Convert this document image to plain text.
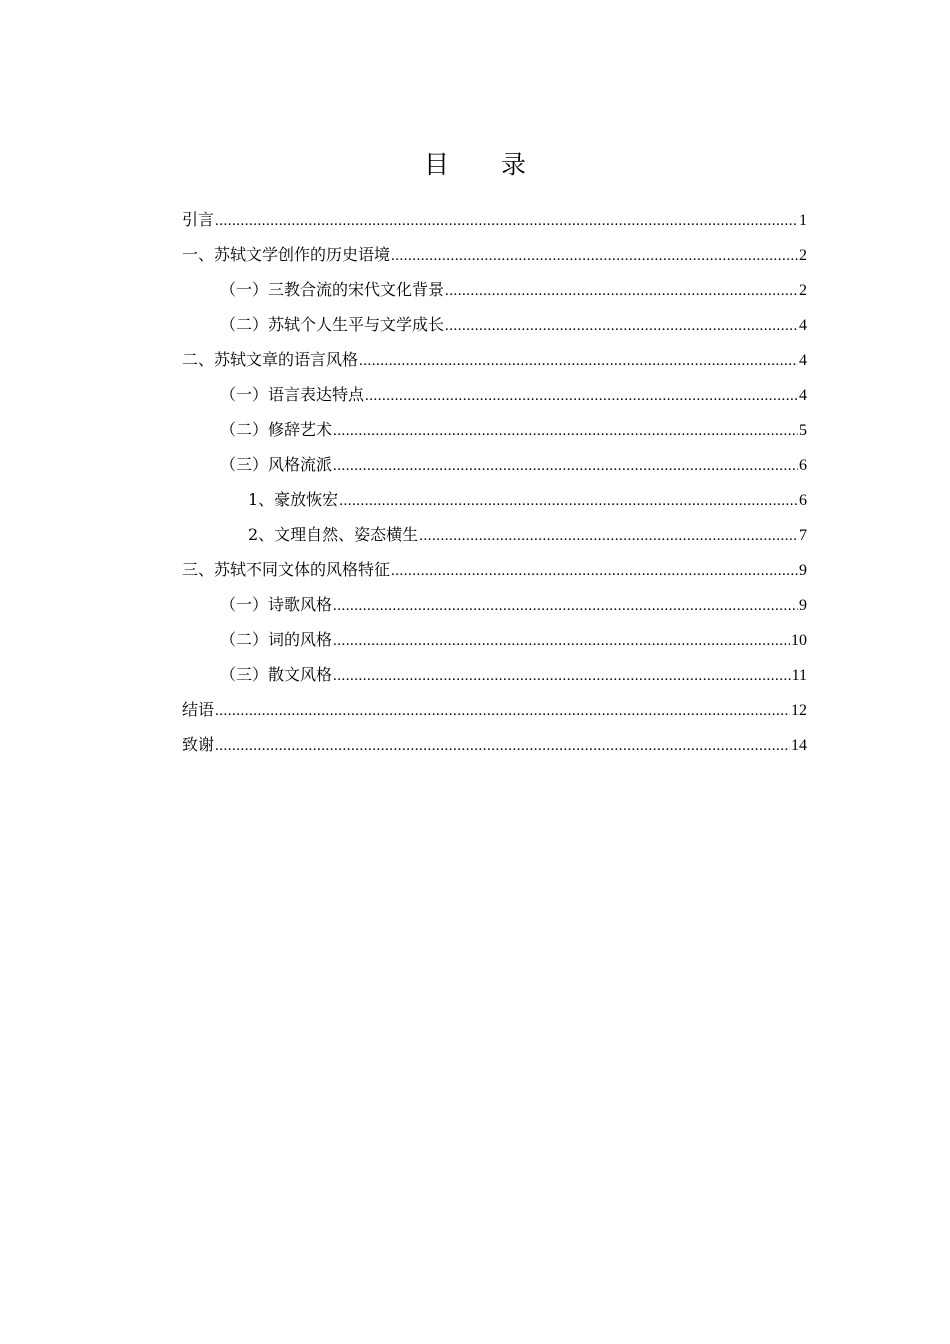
目 录
引言 .....	1
一、苏轼文学创作的历史语境 .....	2
（一）三教合流的宋代文化背景 .....	2
（二）苏轼个人生平与文学成长 .....	4
二、苏轼文章的语言风格 .....	4
（一）语言表达特点 .....	4
（二）修辞艺术 .....	5
（三）风格流派 .....	6
1、豪放恢宏 .....	6
2、文理自然、姿态横生 .....	7
三、苏轼不同文体的风格特征 .....	9
（一）诗歌风格 .....	9
（二）词的风格 .....	10
（三）散文风格 .....	11
结语 .....	12
致谢 .....	14
